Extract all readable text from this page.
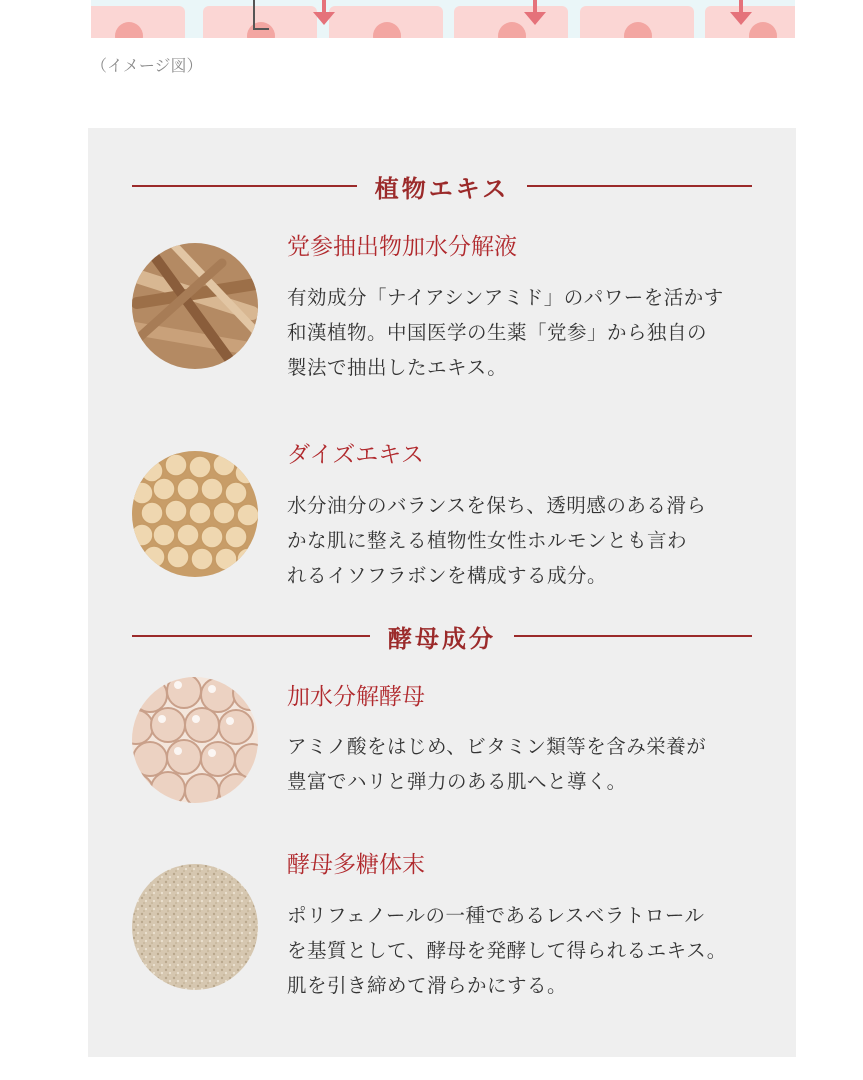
（イメージ図）
植物エキス
党参抽出物加水分解液
有効成分「ナイアシンアミド」のパワーを活かす
和漢植物。中国医学の生薬「党参」から独自の
製法で抽出したエキス。
ダイズエキス
水分油分のバランスを保ち、透明感のある滑ら
かな肌に整える植物性女性ホルモンとも言わ
れるイソフラボンを構成する成分。
酵母成分
加水分解酵母
アミノ酸をはじめ、ビタミン類等を含み栄養が
豊富でハリと弾力のある肌へと導く。
酵母多糖体末
ポリフェノールの一種であるレスベラトロール
を基質として、酵母を発酵して得られるエキス。
肌を引き締めて滑らかにする。
